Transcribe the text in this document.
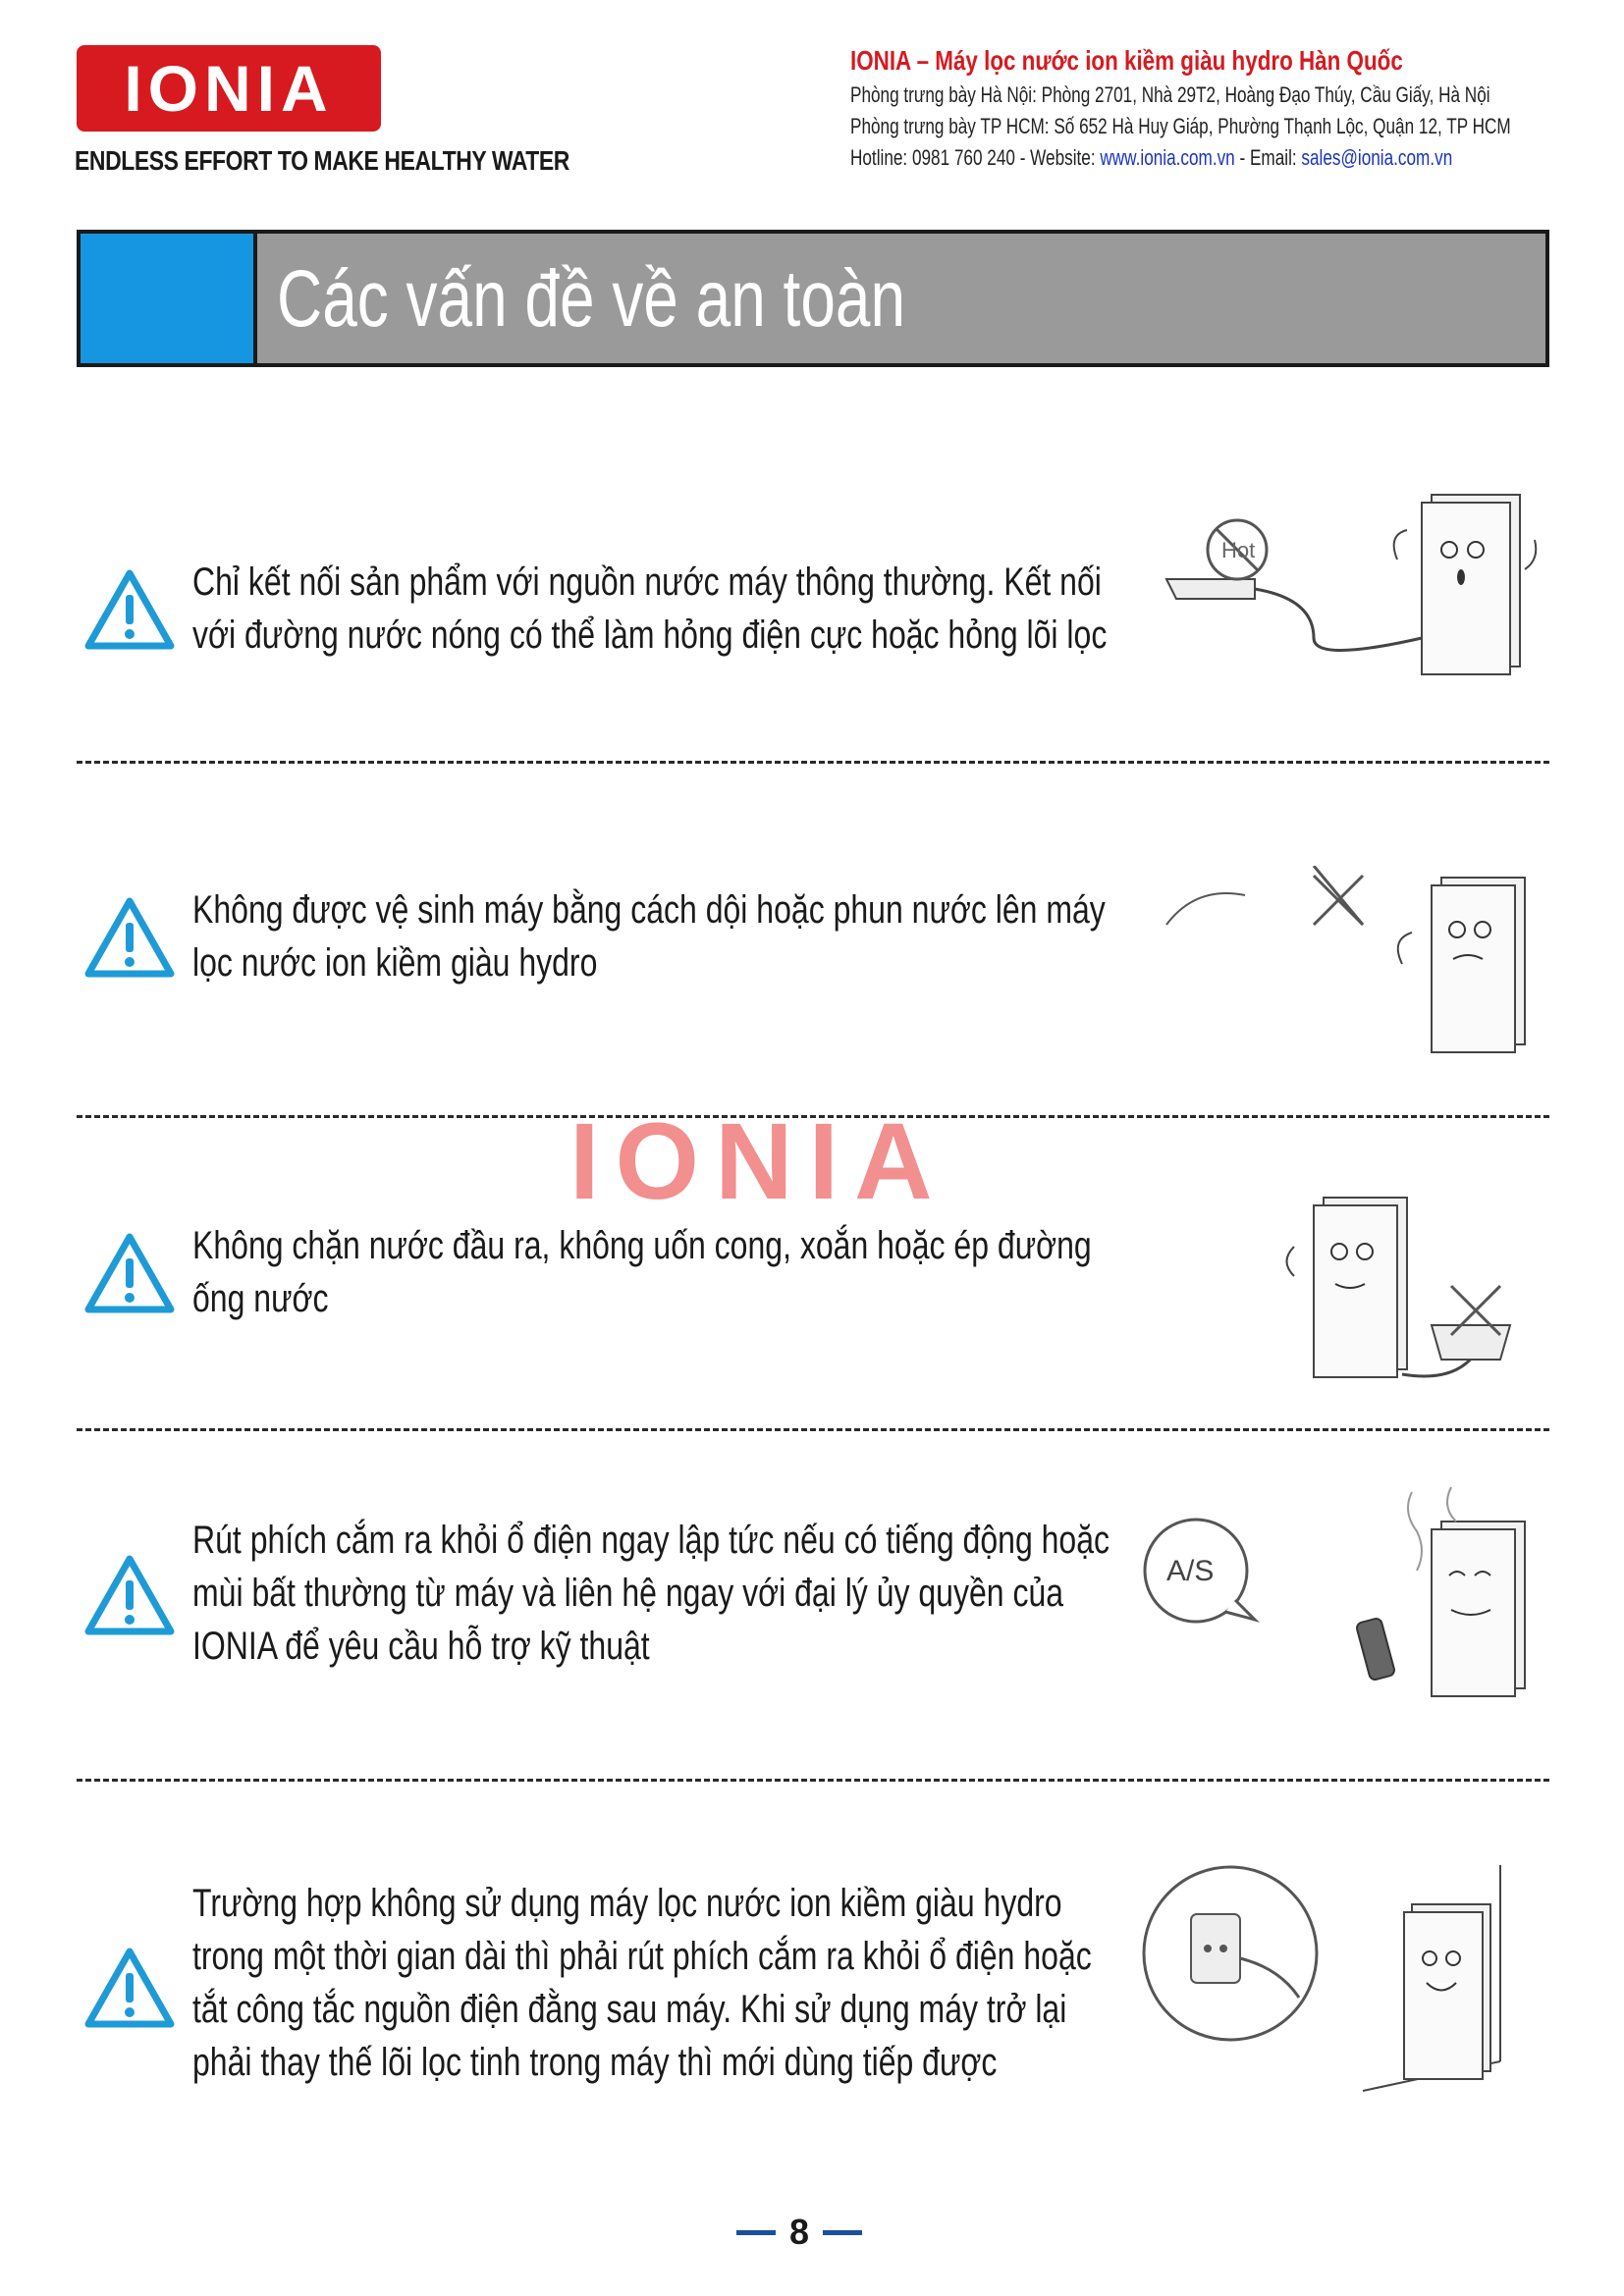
IONIA
ENDLESS EFFORT TO MAKE HEALTHY WATER
IONIA – Máy lọc nước ion kiềm giàu hydro Hàn Quốc
Phòng trưng bày Hà Nội: Phòng 2701, Nhà 29T2, Hoàng Đạo Thúy, Cầu Giấy, Hà Nội
Phòng trưng bày TP HCM: Số 652 Hà Huy Giáp, Phường Thạnh Lộc, Quận 12, TP HCM
Hotline: 0981 760 240 - Website: www.ionia.com.vn - Email: sales@ionia.com.vn
Các vấn đề về an toàn
IONIA
Chỉ kết nối sản phẩm với nguồn nước máy thông thường. Kết nối
với đường nước nóng có thể làm hỏng điện cực hoặc hỏng lõi lọc
Hot
Không được vệ sinh máy bằng cách dội hoặc phun nước lên máy
lọc nước ion kiềm giàu hydro
Không chặn nước đầu ra, không uốn cong, xoắn hoặc ép đường
ống nước
Rút phích cắm ra khỏi ổ điện ngay lập tức nếu có tiếng động hoặc
mùi bất thường từ máy và liên hệ ngay với đại lý ủy quyền của
IONIA để yêu cầu hỗ trợ kỹ thuật
A/S
Trường hợp không sử dụng máy lọc nước ion kiềm giàu hydro
trong một thời gian dài thì phải rút phích cắm ra khỏi ổ điện hoặc
tắt công tắc nguồn điện đằng sau máy. Khi sử dụng máy trở lại
phải thay thế lõi lọc tinh trong máy thì mới dùng tiếp được
8
